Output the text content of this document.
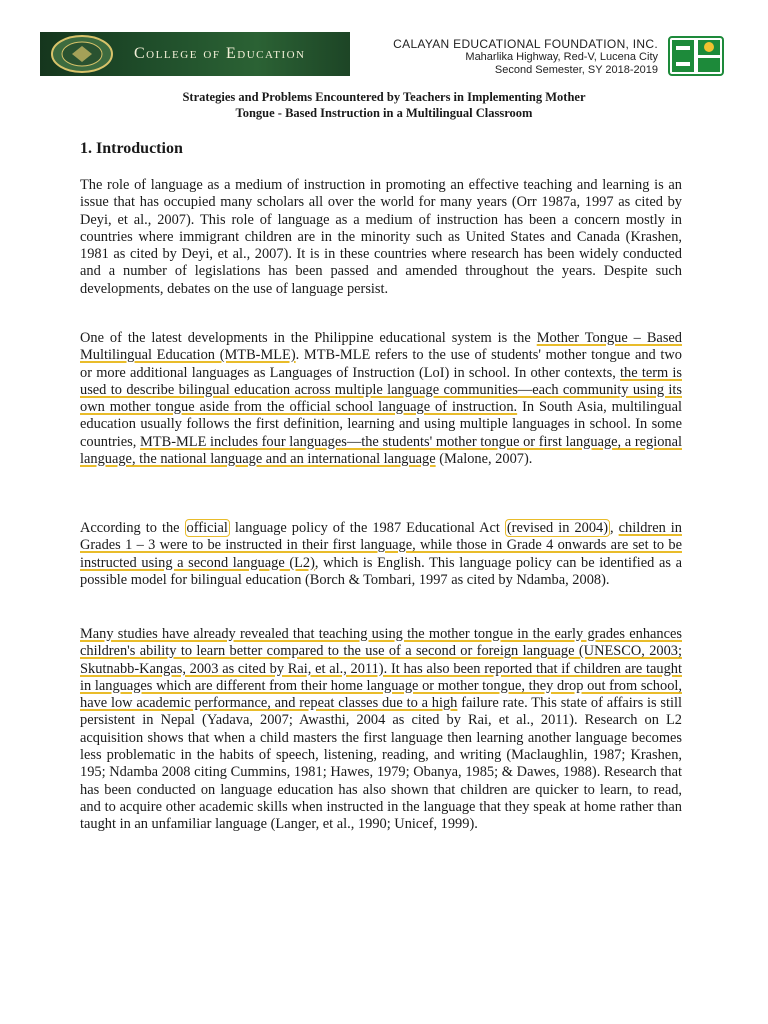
College of Education
CALAYAN EDUCATIONAL FOUNDATION, INC.
Maharlika Highway, Red-V, Lucena City
Second Semester, SY 2018-2019
Strategies and Problems Encountered by Teachers in Implementing Mother
Tongue - Based Instruction in a Multilingual Classroom
1. Introduction

The role of language as a medium of instruction in promoting an effective teaching and learning is an issue that has occupied many scholars all over the world for many years (Orr 1987a, 1997 as cited by Deyi, et al., 2007). This role of language as a medium of instruction has been a concern mostly in countries where immigrant children are in the minority such as United States and Canada (Krashen, 1981 as cited by Deyi, et al., 2007). It is in these countries where research has been widely conducted and a number of legislations has been passed and amended throughout the years. Despite such developments, debates on the use of language persist.

One of the latest developments in the Philippine educational system is the Mother Tongue – Based Multilingual Education (MTB-MLE). MTB-MLE refers to the use of students' mother tongue and two or more additional languages as Languages of Instruction (LoI) in school. In other contexts, the term is used to describe bilingual education across multiple language communities—each community using its own mother tongue aside from the official school language of instruction. In South Asia, multilingual education usually follows the first definition, learning and using multiple languages in school. In some countries, MTB-MLE includes four languages—the students' mother tongue or first language, a regional language, the national language and an international language (Malone, 2007).

According to the official language policy of the 1987 Educational Act (revised in 2004) , children in Grades 1 – 3 were to be instructed in their first language, while those in Grade 4 onwards are set to be instructed using a second language (L2), which is English. This language policy can be identified as a possible model for bilingual education (Borch & Tombari, 1997 as cited by Ndamba, 2008).

Many studies have already revealed that teaching using the mother tongue in the early grades enhances children's ability to learn better compared to the use of a second or foreign language (UNESCO, 2003; Skutnabb-Kangas, 2003 as cited by Rai, et al., 2011). It has also been reported that if children are taught in languages which are different from their home language or mother tongue, they drop out from school, have low academic performance, and repeat classes due to a high failure rate. This state of affairs is still persistent in Nepal (Yadava, 2007; Awasthi, 2004 as cited by Rai, et al., 2011). Research on L2 acquisition shows that when a child masters the first language then learning another language becomes less problematic in the habits of speech, listening, reading, and writing (Maclaughlin, 1987; Krashen, 195; Ndamba 2008 citing Cummins, 1981; Hawes, 1979; Obanya, 1985; & Dawes, 1988). Research that has been conducted on language education has also shown that children are quicker to learn, to read, and to acquire other academic skills when instructed in the language that they speak at home rather than taught in an unfamiliar language (Langer, et al., 1990; Unicef, 1999).
